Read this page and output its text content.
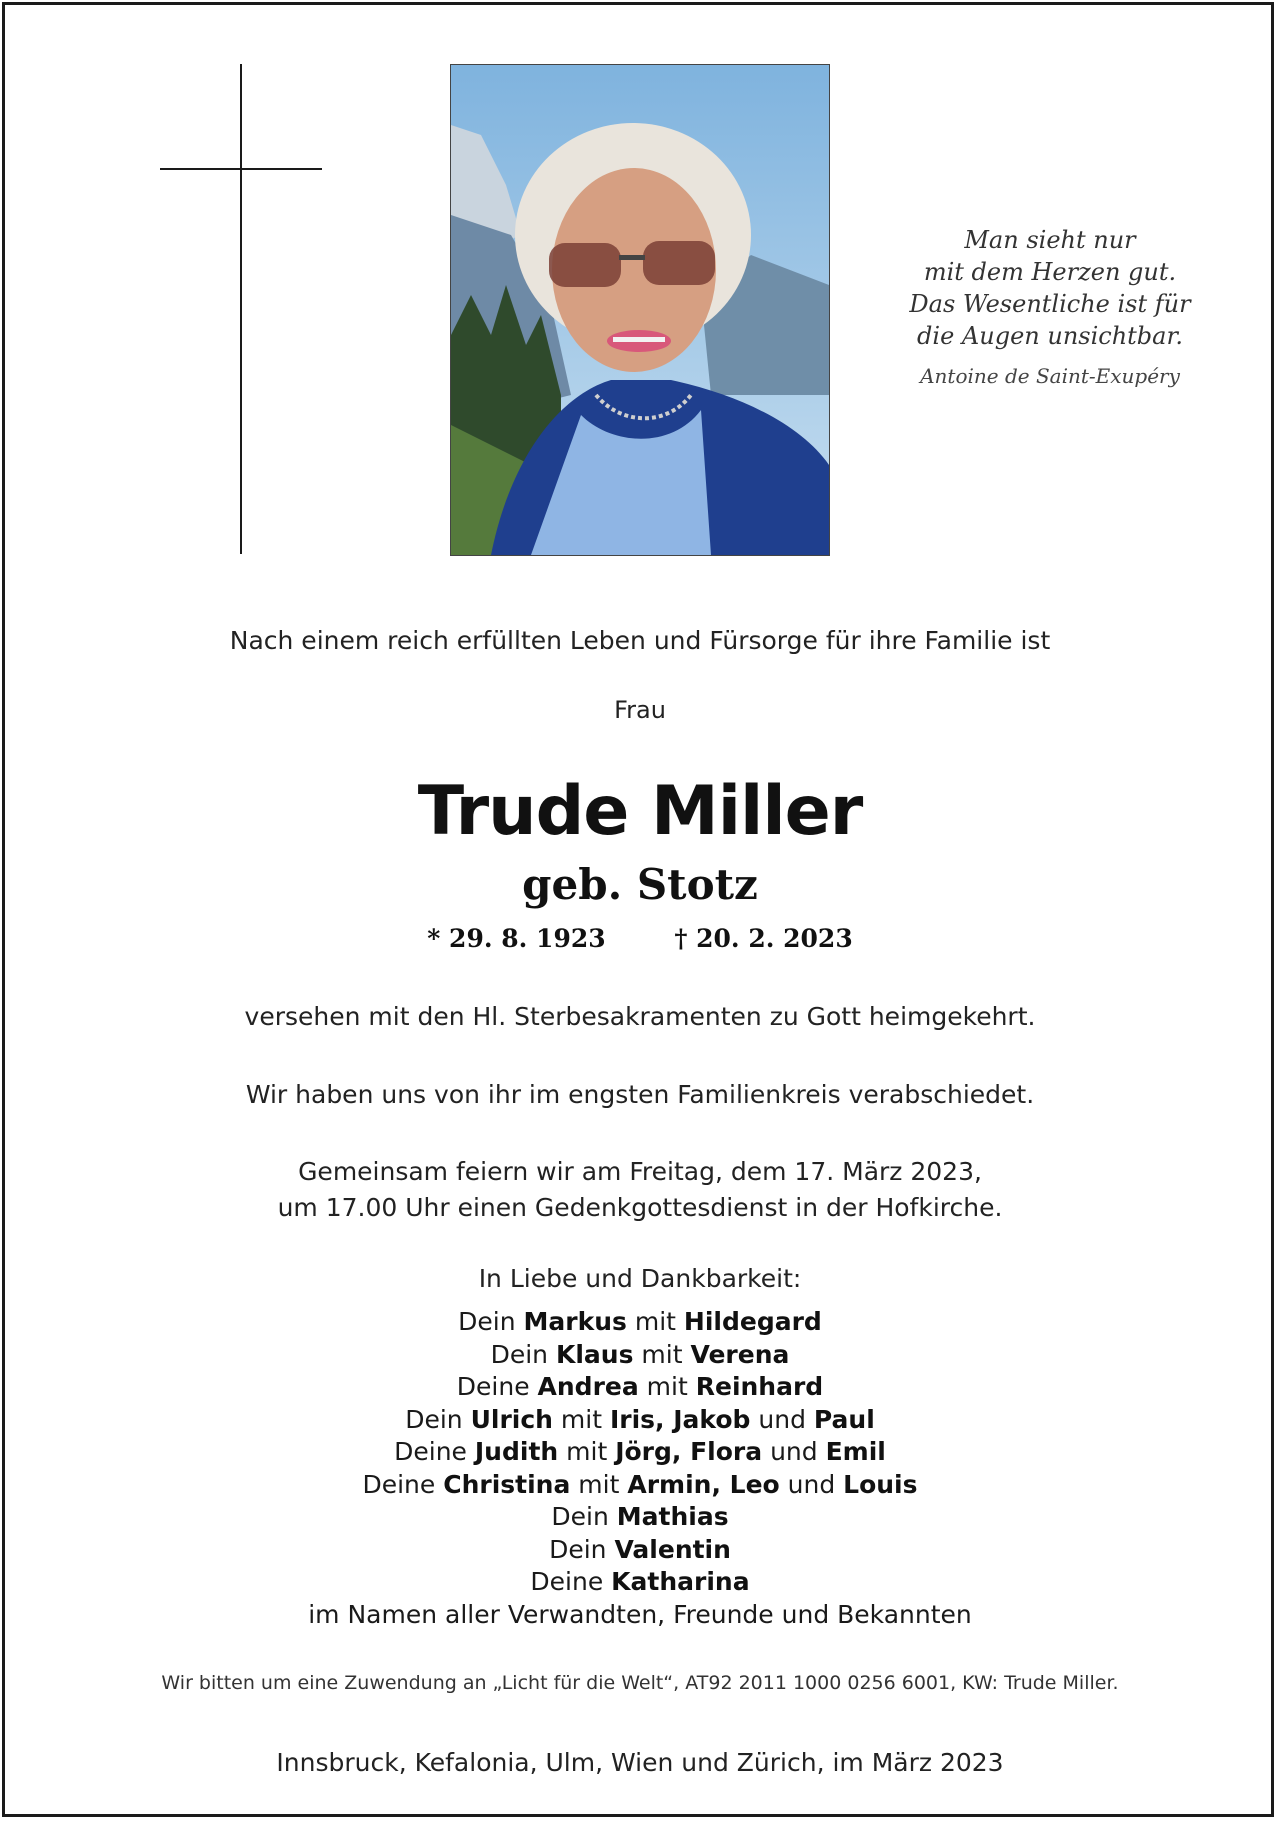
Man sieht nur
mit dem Herzen gut.
Das Wesentliche ist für
die Augen unsichtbar.
Antoine de Saint-Exupéry
Nach einem reich erfüllten Leben und Fürsorge für ihre Familie ist
Frau
Trude Miller
geb. Stotz
* 29. 8. 1923	† 20. 2. 2023
versehen mit den Hl. Sterbesakramenten zu Gott heimgekehrt.
Wir haben uns von ihr im engsten Familienkreis verabschiedet.
Gemeinsam feiern wir am Freitag, dem 17. März 2023,
um 17.00 Uhr einen Gedenkgottesdienst in der Hofkirche.
In Liebe und Dankbarkeit:
Dein Markus mit Hildegard
Dein Klaus mit Verena
Deine Andrea mit Reinhard
Dein Ulrich mit Iris, Jakob und Paul
Deine Judith mit Jörg, Flora und Emil
Deine Christina mit Armin, Leo und Louis
Dein Mathias
Dein Valentin
Deine Katharina
im Namen aller Verwandten, Freunde und Bekannten
Wir bitten um eine Zuwendung an „Licht für die Welt“, AT92 2011 1000 0256 6001, KW: Trude Miller.
Innsbruck, Kefalonia, Ulm, Wien und Zürich, im März 2023
